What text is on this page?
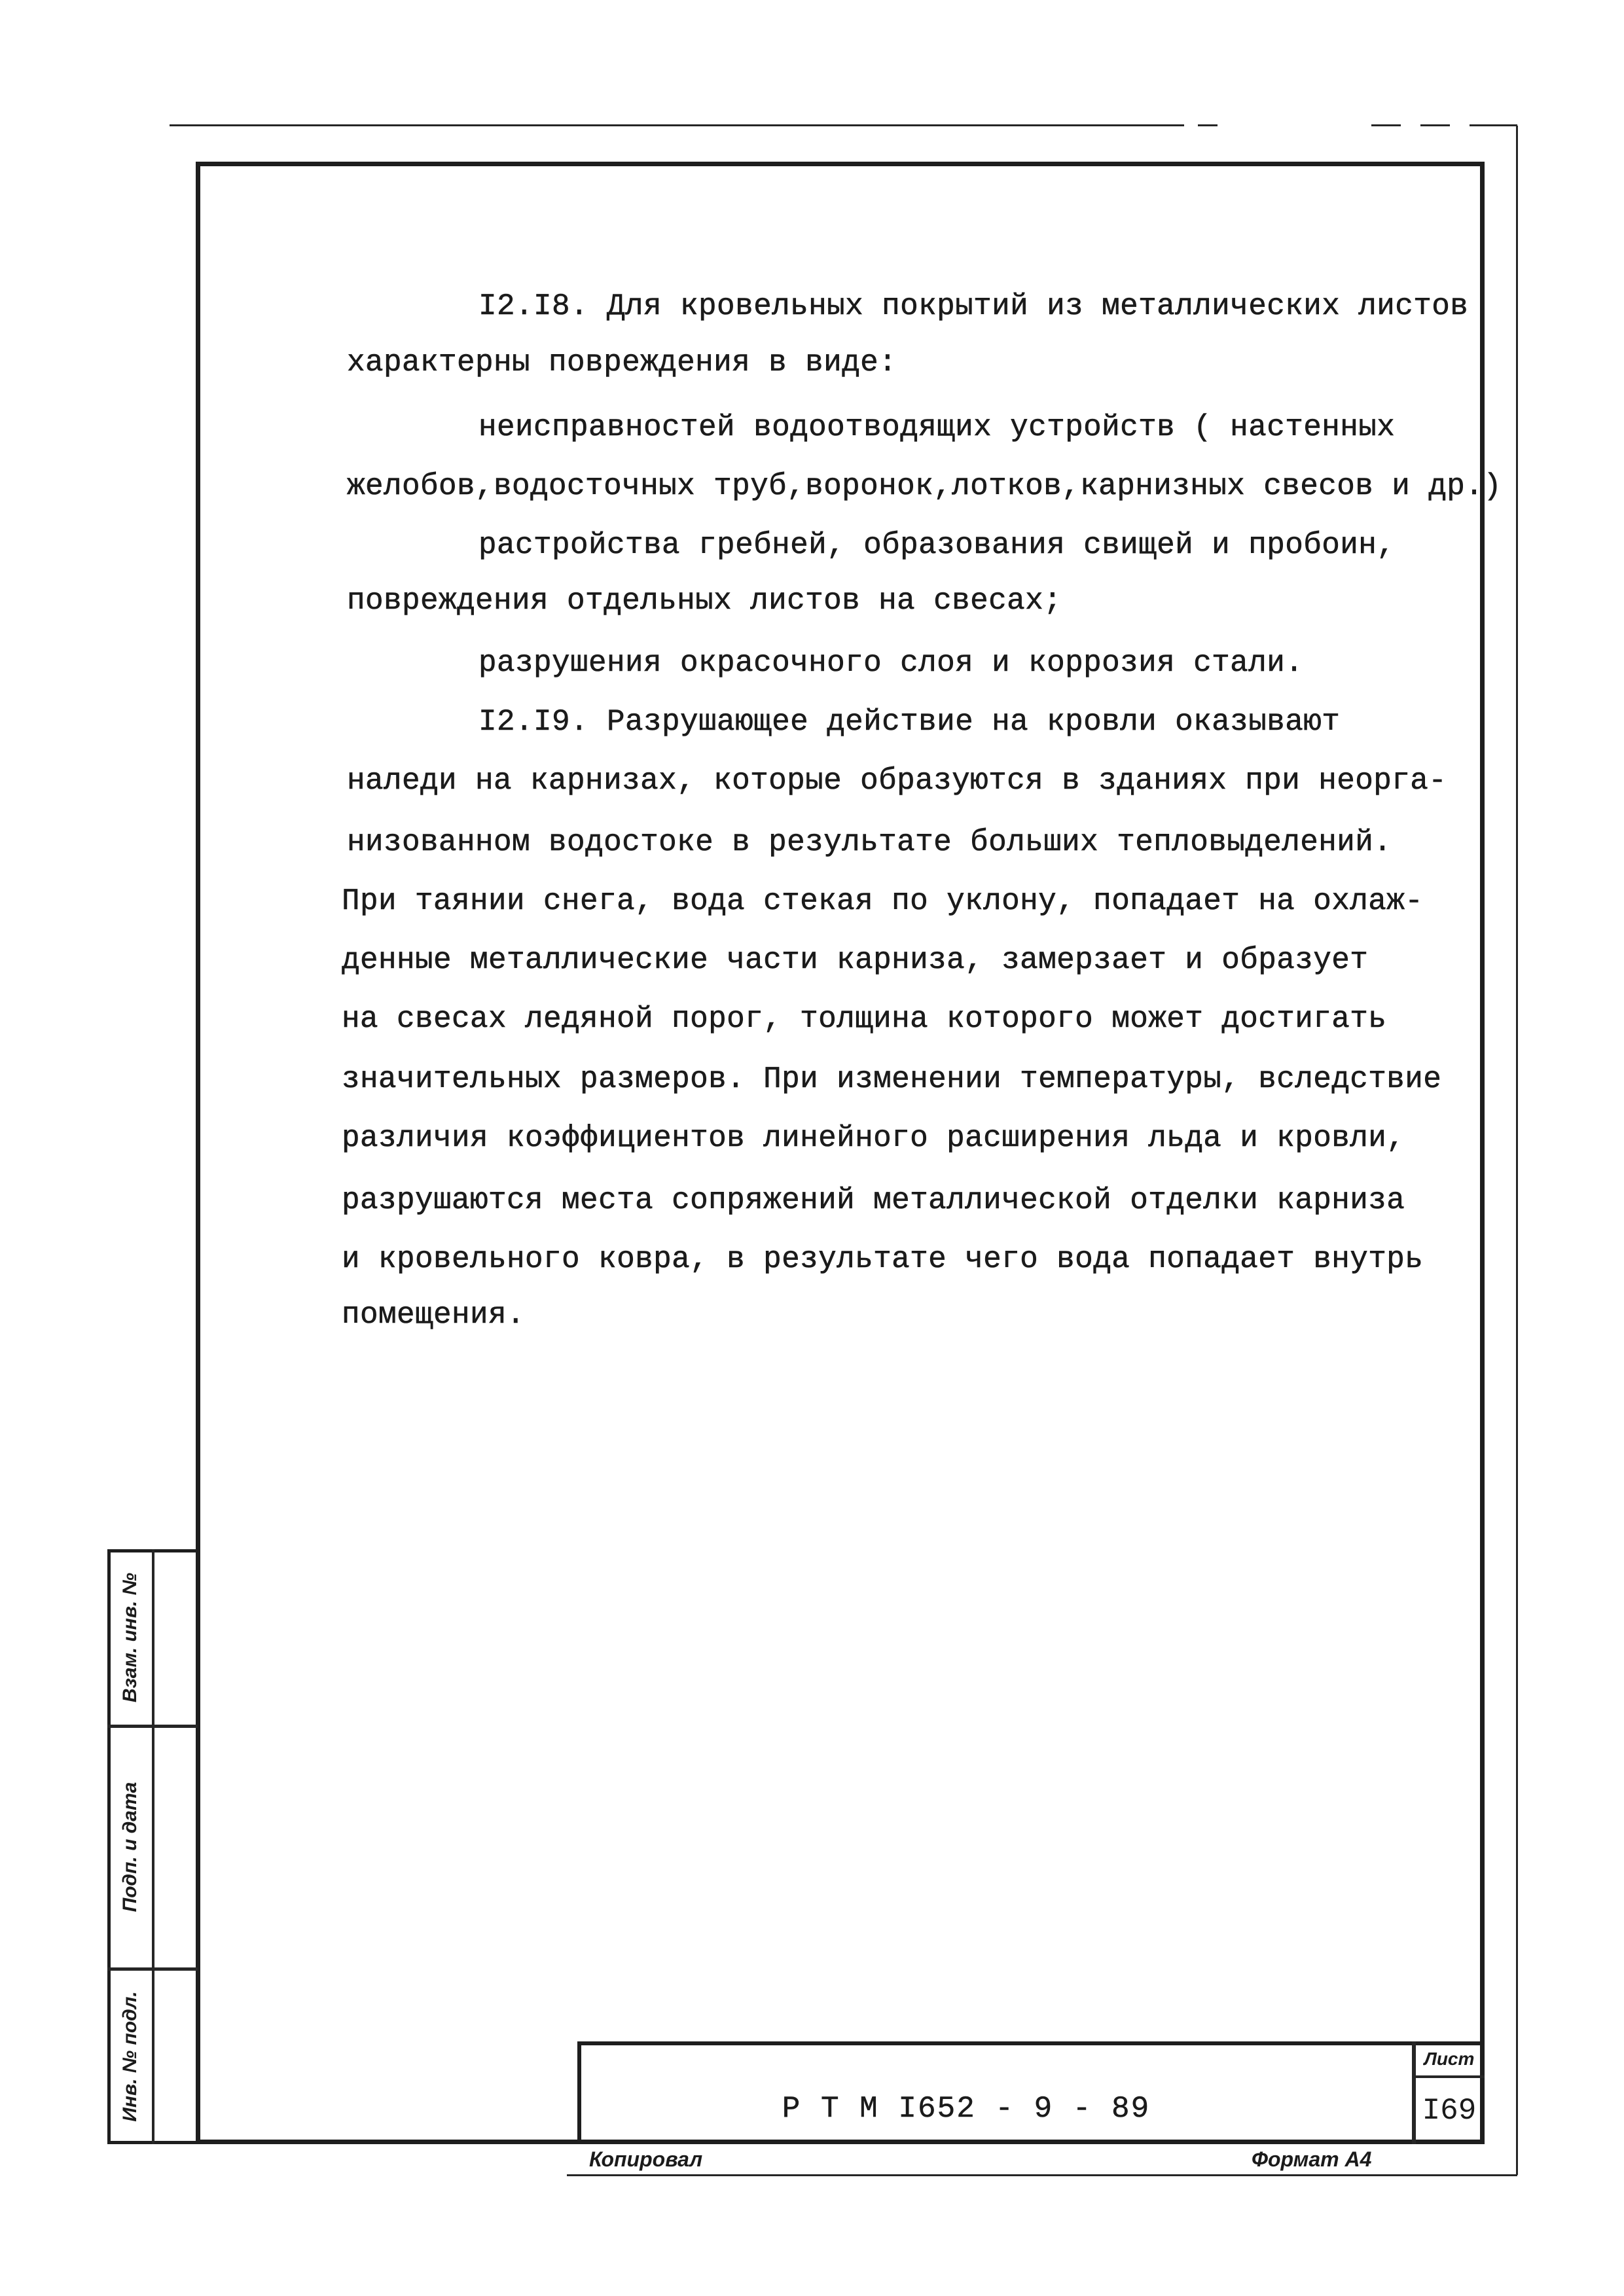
I2.I8. Для кровельных покрытий из металлических листов
характерны повреждения в виде:
неисправностей водоотводящих устройств ( настенных
желобов,водосточных труб,воронок,лотков,карнизных свесов и др.)
растройства гребней, образования свищей и пробоин,
повреждения отдельных листов на свесах;
разрушения окрасочного слоя и коррозия стали.
I2.I9. Разрушающее действие на кровли оказывают
наледи на карнизах, которые образуются в зданиях при неорга-
низованном водостоке в результате больших тепловыделений.
При таянии снега, вода стекая по уклону, попадает на охлаж-
денные металлические части карниза, замерзает и образует
на свесах ледяной порог, толщина которого может достигать
значительных размеров. При изменении температуры, вследствие
различия коэффициентов линейного расширения льда и кровли,
разрушаются места сопряжений металлической отделки карниза
и кровельного ковра, в результате чего вода попадает внутрь
помещения.
Взам. инв. №
Подп. и дата
Инв. № подл.	Р Т М I652 - 9 - 89
Лист
I69
Копировал	Формат А4
